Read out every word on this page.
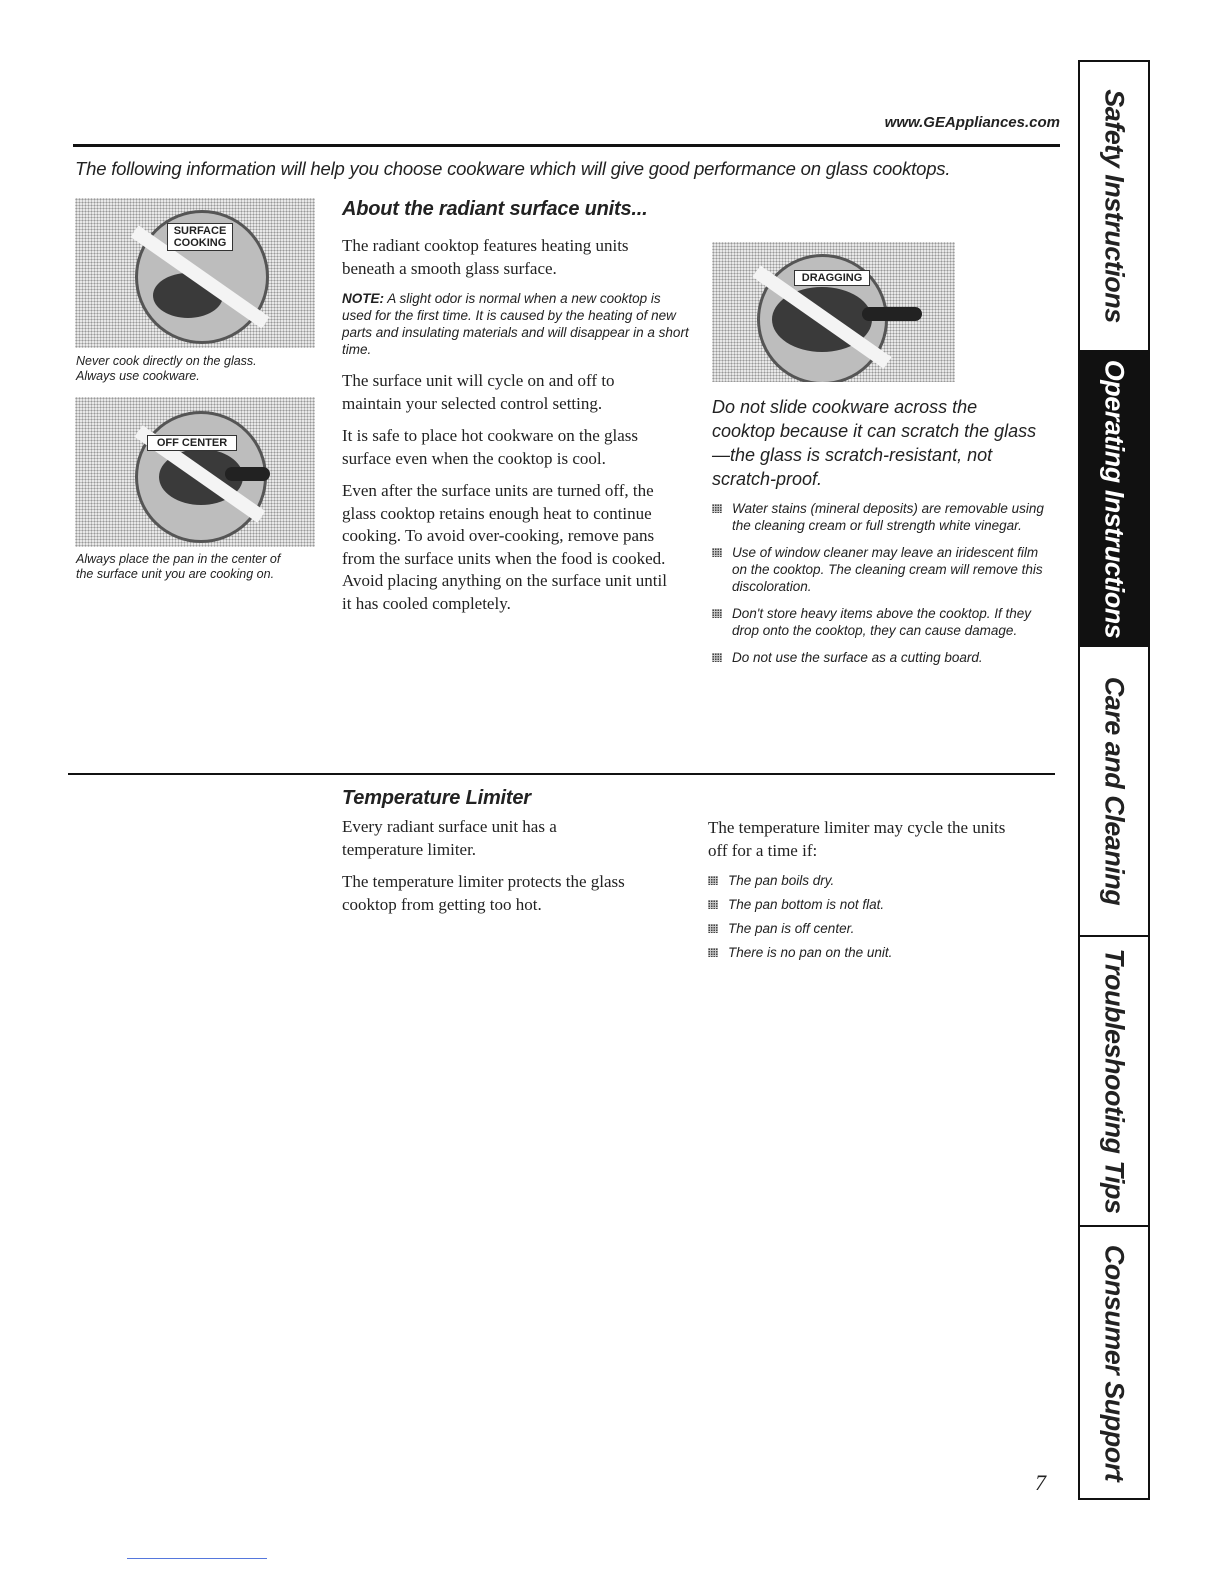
www.GEAppliances.com
The following information will help you choose cookware which will give good performance on glass cooktops.
SURFACE COOKING
Never cook directly on the glass.
Always use cookware.
OFF CENTER
Always place the pan in the center of
the surface unit you are cooking on.
About the radiant surface units...

The radiant cooktop features heating units beneath a smooth glass surface.

NOTE: A slight odor is normal when a new cooktop is used for the first time. It is caused by the heating of new parts and insulating materials and will disappear in a short time.

The surface unit will cycle on and off to maintain your selected control setting.

It is safe to place hot cookware on the glass surface even when the cooktop is cool.

Even after the surface units are turned off, the glass cooktop retains enough heat to continue cooking. To avoid over-cooking, remove pans from the surface units when the food is cooked. Avoid placing anything on the surface unit until it has cooled completely.

DRAGGING
Do not slide cookware across the cooktop because it can scratch the glass—the glass is scratch-resistant, not scratch-proof.
Water stains (mineral deposits) are removable using the cleaning cream or full strength white vinegar.
Use of window cleaner may leave an iridescent film on the cooktop. The cleaning cream will remove this discoloration.
Don't store heavy items above the cooktop. If they drop onto the cooktop, they can cause damage.
Do not use the surface as a cutting board.
Temperature Limiter

Every radiant surface unit has a temperature limiter.

The temperature limiter protects the glass cooktop from getting too hot.

The temperature limiter may cycle the units off for a time if:

The pan boils dry.
The pan bottom is not flat.
The pan is off center.
There is no pan on the unit.
Safety Instructions
Operating Instructions
Care and Cleaning
Troubleshooting Tips
Consumer Support
7
